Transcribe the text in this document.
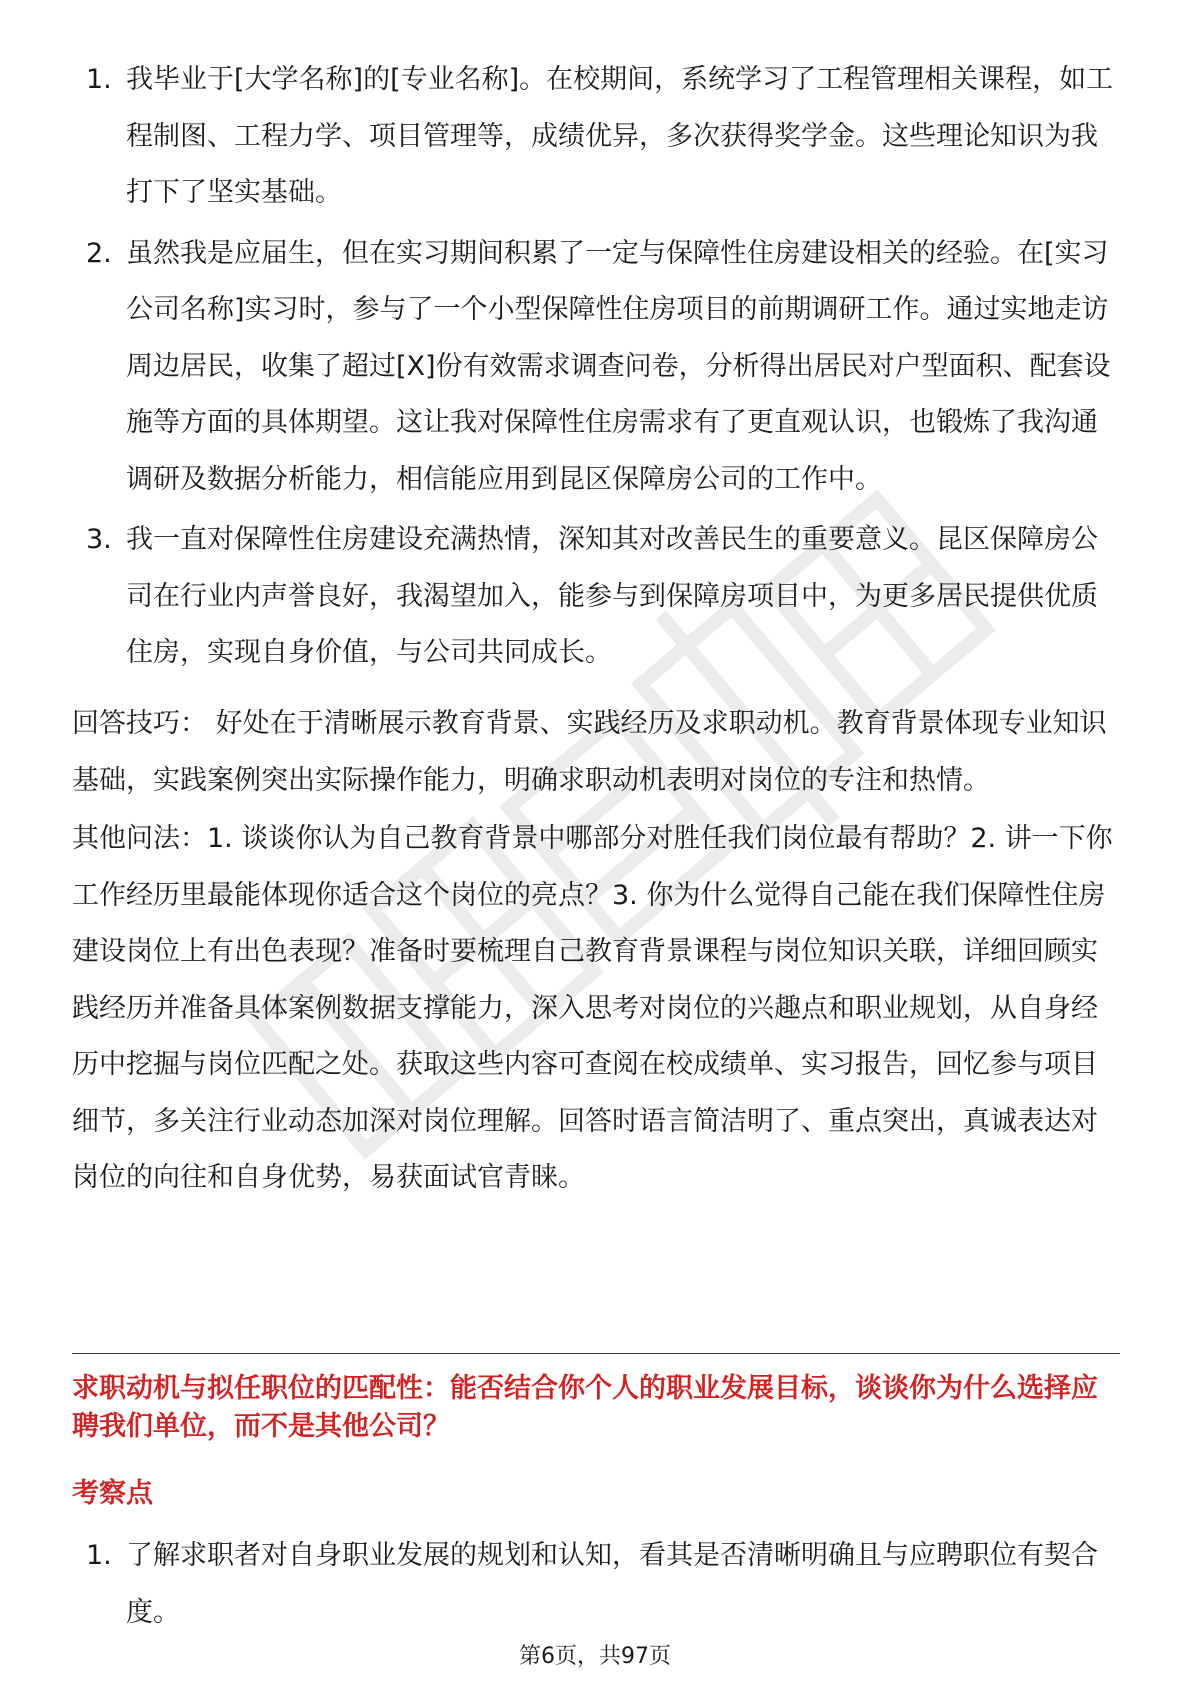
1. 我毕业于[大学名称]的[专业名称]。在校期间，系统学习了工程管理相关课程，如工程制图、工程力学、项目管理等，成绩优异，多次获得奖学金。这些理论知识为我打下了坚实基础。
2. 虽然我是应届生，但在实习期间积累了一定与保障性住房建设相关的经验。在[实习公司名称]实习时，参与了一个小型保障性住房项目的前期调研工作。通过实地走访周边居民，收集了超过[X]份有效需求调查问卷，分析得出居民对户型面积、配套设施等方面的具体期望。这让我对保障性住房需求有了更直观认识，也锻炼了我沟通调研及数据分析能力，相信能应用到昆区保障房公司的工作中。
3. 我一直对保障性住房建设充满热情，深知其对改善民生的重要意义。昆区保障房公司在行业内声誉良好，我渴望加入，能参与到保障房项目中，为更多居民提供优质住房，实现自身价值，与公司共同成长。
回答技巧： 好处在于清晰展示教育背景、实践经历及求职动机。教育背景体现专业知识基础，实践案例突出实际操作能力，明确求职动机表明对岗位的专注和热情。
其他问法：1. 谈谈你认为自己教育背景中哪部分对胜任我们岗位最有帮助？2. 讲一下你工作经历里最能体现你适合这个岗位的亮点？3. 你为什么觉得自己能在我们保障性住房建设岗位上有出色表现？准备时要梳理自己教育背景课程与岗位知识关联，详细回顾实践经历并准备具体案例数据支撑能力，深入思考对岗位的兴趣点和职业规划，从自身经历中挖掘与岗位匹配之处。获取这些内容可查阅在校成绩单、实习报告，回忆参与项目细节，多关注行业动态加深对岗位理解。回答时语言简洁明了、重点突出，真诚表达对岗位的向往和自身优势，易获面试官青睐。
求职动机与拟任职位的匹配性：能否结合你个人的职业发展目标，谈谈你为什么选择应聘我们单位，而不是其他公司？
考察点
1. 了解求职者对自身职业发展的规划和认知，看其是否清晰明确且与应聘职位有契合度。
第6页，共97页
